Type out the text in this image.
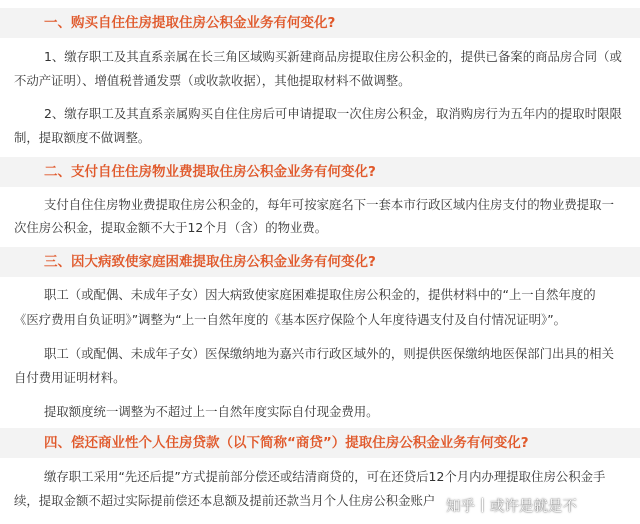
一、购买自住住房提取住房公积金业务有何变化?
1、缴存职工及其直系亲属在长三角区域购买新建商品房提取住房公积金的，提供已备案的商品房合同（或
不动产证明）、增值税普通发票（或收款收据），其他提取材料不做调整。
2、缴存职工及其直系亲属购买自住住房后可申请提取一次住房公积金，取消购房行为五年内的提取时限限
制，提取额度不做调整。
二、支付自住住房物业费提取住房公积金业务有何变化?
支付自住住房物业费提取住房公积金的，每年可按家庭名下一套本市行政区域内住房支付的物业费提取一
次住房公积金，提取金额不大于12个月（含）的物业费。
三、因大病致使家庭困难提取住房公积金业务有何变化?
职工（或配偶、未成年子女）因大病致使家庭困难提取住房公积金的，提供材料中的“上一自然年度的
《医疗费用自负证明》”调整为“上一自然年度的《基本医疗保险个人年度待遇支付及自付情况证明》”。
职工（或配偶、未成年子女）医保缴纳地为嘉兴市行政区域外的，则提供医保缴纳地医保部门出具的相关
自付费用证明材料。
提取额度统一调整为不超过上一自然年度实际自付现金费用。
四、偿还商业性个人住房贷款（以下简称“商贷”）提取住房公积金业务有何变化?
缴存职工采用“先还后提”方式提前部分偿还或结清商贷的，可在还贷后12个月内办理提取住房公积金手
续，提取金额不超过实际提前偿还本息额及提前还款当月个人住房公积金账户 知乎 | 或许是就是不
